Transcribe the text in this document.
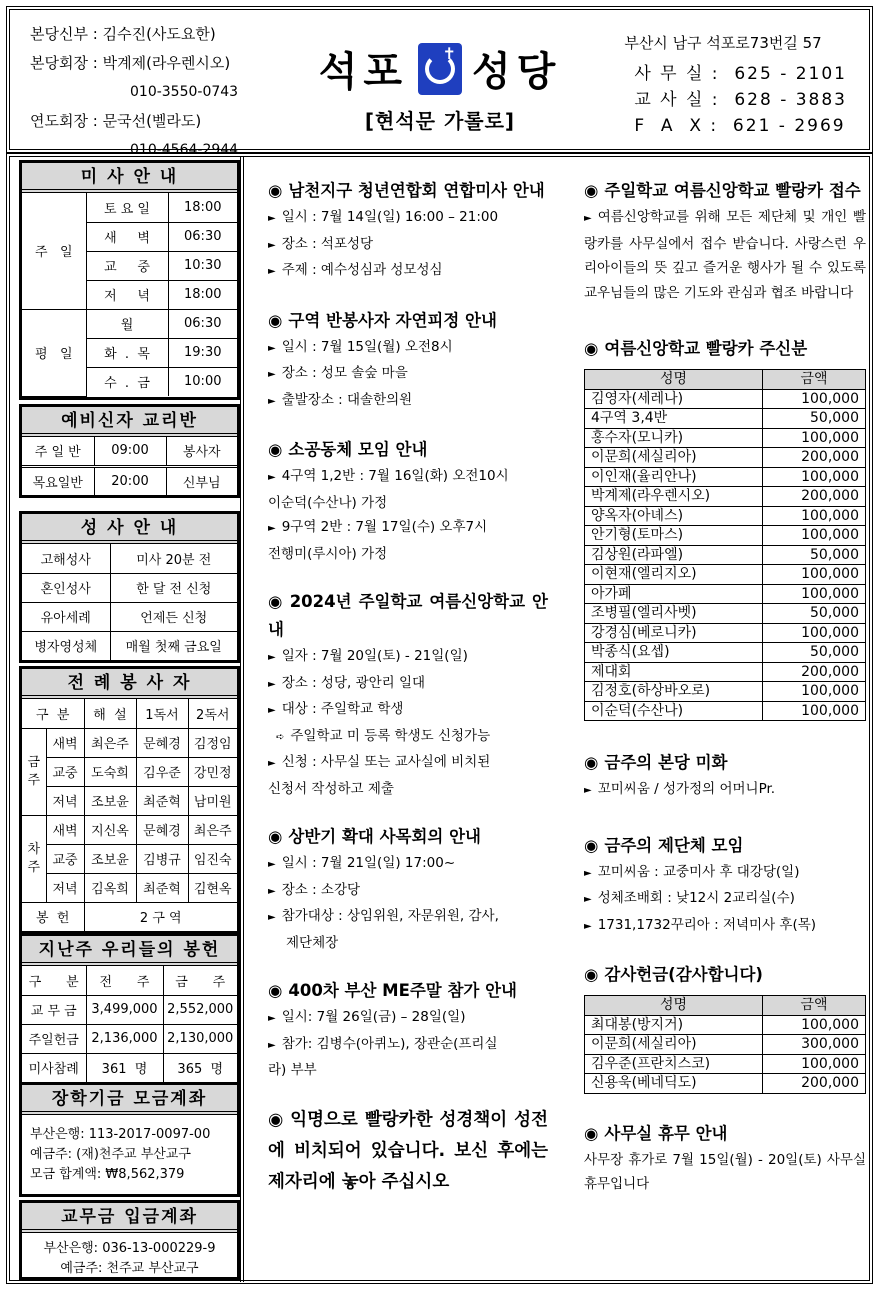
본당신부 : 김수진(사도요한)
본당회장 : 박계제(라우렌시오)
010-3550-0743
연도회장 : 문국선(벨라도)
010-4564-2944
석포 ✝ 성당
[현석문 가롤로]
부산시 남구 석포로73번길 57
사 무 실 :  625 - 2101
교 사 실 :  628 - 3883
F  A  X :  621 - 2969
미 사 안 내
주   일	토 요 일	18:00
	새     벽	06:30
	교     중	10:30
	저     녁	18:00
평   일	월	06:30
	화  .  목	19:30
	수  .  금	10:00
예비신자 교리반
주 일 반	09:00	봉사자
목요일반	20:00	신부님
성 사 안 내
고해성사	미사 20분 전
혼인성사	한 달 전 신청
유아세례	언제든 신청
병자영성체	매월 첫째 금요일
전 례 봉 사 자
구  분		해  설	1독서	2독서
금주	새벽	최은주	문혜경	김정임
	교중	도숙희	김우준	강민정
	저녁	조보윤	최준혁	남미원
차주	새벽	지신옥	문혜경	최은주
	교중	조보윤	김병규	임진숙
	저녁	김옥희	최준혁	김현옥
봉  헌		2 구 역		
지난주 우리들의 봉헌
구      분	전      주	금      주
교 무 금	3,499,000	2,552,000
주일헌금	2,136,000	2,130,000
미사참례	361  명	365  명
장학기금 모금계좌
부산은행: 113-2017-0097-00
예금주: (재)천주교 부산교구
모금 합계액: ₩8,562,379
교무금 입금계좌
부산은행: 036-13-000229-9
예금주: 천주교 부산교구
◉ 남천지구 청년연합회 연합미사 안내
► 일시 : 7월 14일(일) 16:00 – 21:00
► 장소 : 석포성당
► 주제 : 예수성심과 성모성심
◉ 구역 반봉사자 자연피정 안내
► 일시 : 7월 15일(월) 오전8시
► 장소 : 성모 솔숲 마을
► 출발장소 : 대솔한의원
◉ 소공동체 모임 안내
► 4구역 1,2반 : 7월 16일(화) 오전10시
이순덕(수산나) 가정
► 9구역 2반 : 7월 17일(수) 오후7시
전행미(루시아) 가정
◉ 2024년 주일학교 여름신앙학교 안내
► 일자 : 7월 20일(토) - 21일(일)
► 장소 : 성당, 광안리 일대
► 대상 : 주일학교 학생
➪ 주일학교 미 등록 학생도 신청가능
► 신청 : 사무실 또는 교사실에 비치된
신청서 작성하고 제출
◉ 상반기 확대 사목회의 안내
► 일시 : 7월 21일(일) 17:00~
► 장소 : 소강당
► 참가대상 : 상임위원, 자문위원, 감사,
제단체장
◉ 400차 부산 ME주말 참가 안내
► 일시: 7월 26일(금) – 28일(일)
► 참가: 김병수(아퀴노), 장관순(프리실
라) 부부
◉ 익명으로 빨랑카한 성경책이 성전에 비치되어 있습니다. 보신 후에는 제자리에 놓아 주십시오
◉ 주일학교 여름신앙학교 빨랑카 접수
► 여름신앙학교를 위해 모든 제단체 및 개인 빨랑카를 사무실에서 접수 받습니다. 사랑스런 우리아이들의 뜻 깊고 즐거운 행사가 될 수 있도록 교우님들의 많은 기도와 관심과 협조 바랍니다
◉ 여름신앙학교 빨랑카 주신분
성명	금액
김영자(세레나)	100,000
4구역 3,4반	50,000
홍수자(모니카)	100,000
이문희(세실리아)	200,000
이인재(율리안나)	100,000
박계제(라우렌시오)	200,000
양옥자(아녜스)	100,000
안기형(토마스)	100,000
김상원(라파엘)	50,000
이현재(엘리지오)	100,000
아가페	100,000
조병필(엘리사벳)	50,000
강경심(베로니카)	100,000
박종식(요셉)	50,000
제대회	200,000
김정호(하상바오로)	100,000
이순덕(수산나)	100,000
◉ 금주의 본당 미화
► 꼬미씨움 / 성가정의 어머니Pr.
◉ 금주의 제단체 모임
► 꼬미씨움 : 교중미사 후 대강당(일)
► 성체조배회 : 낮12시 2교리실(수)
► 1731,1732꾸리아 : 저녁미사 후(목)
◉ 감사헌금(감사합니다)
성명	금액
최대봉(방지거)	100,000
이문희(세실리아)	300,000
김우준(프란치스코)	100,000
신용욱(베네딕도)	200,000
◉ 사무실 휴무 안내
사무장 휴가로 7월 15일(월) - 20일(토) 사무실 휴무입니다
